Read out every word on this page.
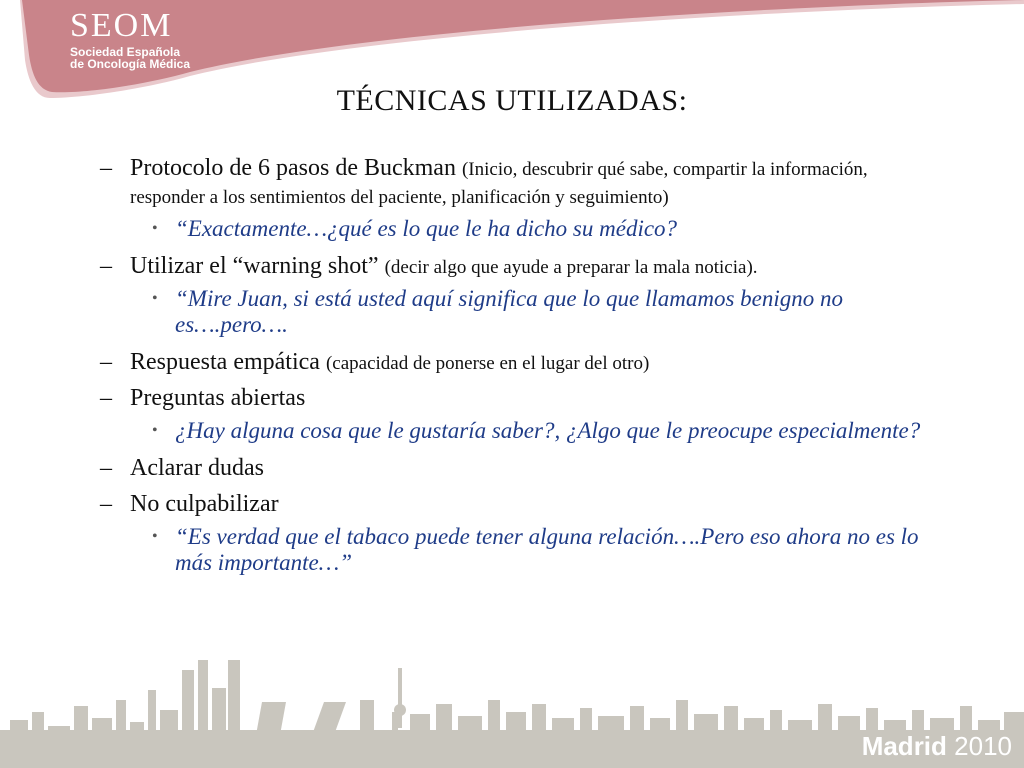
SEOM
Sociedad Española
de Oncología Médica
TÉCNICAS UTILIZADAS:
– Protocolo de 6 pasos de Buckman (Inicio, descubrir qué sabe, compartir la información, responder a los sentimientos del paciente, planificación y seguimiento)
• “Exactamente…¿qué es lo que le ha dicho su médico?
– Utilizar el “warning shot” (decir algo que ayude a preparar la mala noticia).
• “Mire Juan, si está usted aquí significa que lo que llamamos benigno no es….pero….
– Respuesta empática (capacidad de ponerse en el lugar del otro)
– Preguntas abiertas
• ¿Hay alguna cosa que le gustaría saber?, ¿Algo que le preocupe especialmente?
– Aclarar dudas
– No culpabilizar
• “Es verdad que el tabaco puede tener alguna relación….Pero eso ahora no es lo más importante…”
Madrid 2010
